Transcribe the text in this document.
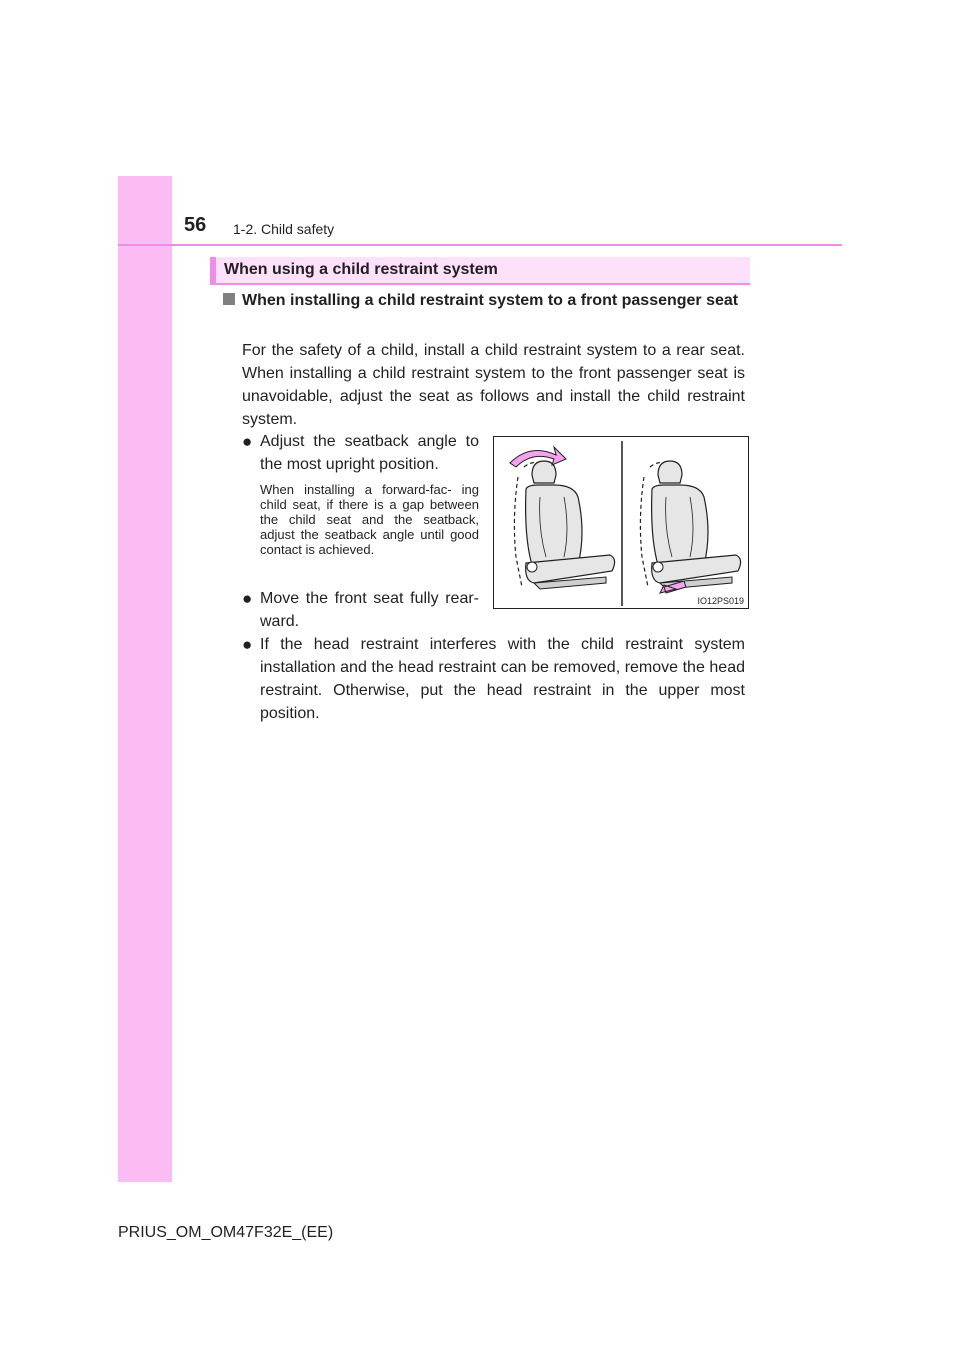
56 1-2. Child safety
When using a child restraint system
When installing a child restraint system to a front passenger seat
For the safety of a child, install a child restraint system to a rear seat. When installing a child restraint system to the front passenger seat is unavoidable, adjust the seat as follows and install the child restraint system.
● Adjust the seatback angle to the most upright position.
When installing a forward-fac- ing child seat, if there is a gap between the child seat and the seatback, adjust the seatback angle until good contact is achieved.
● Move the front seat fully rear- ward.
● If the head restraint interferes with the child restraint system installation and the head restraint can be removed, remove the head restraint. Otherwise, put the head restraint in the upper most position.
IO12PS019
PRIUS_OM_OM47F32E_(EE)
